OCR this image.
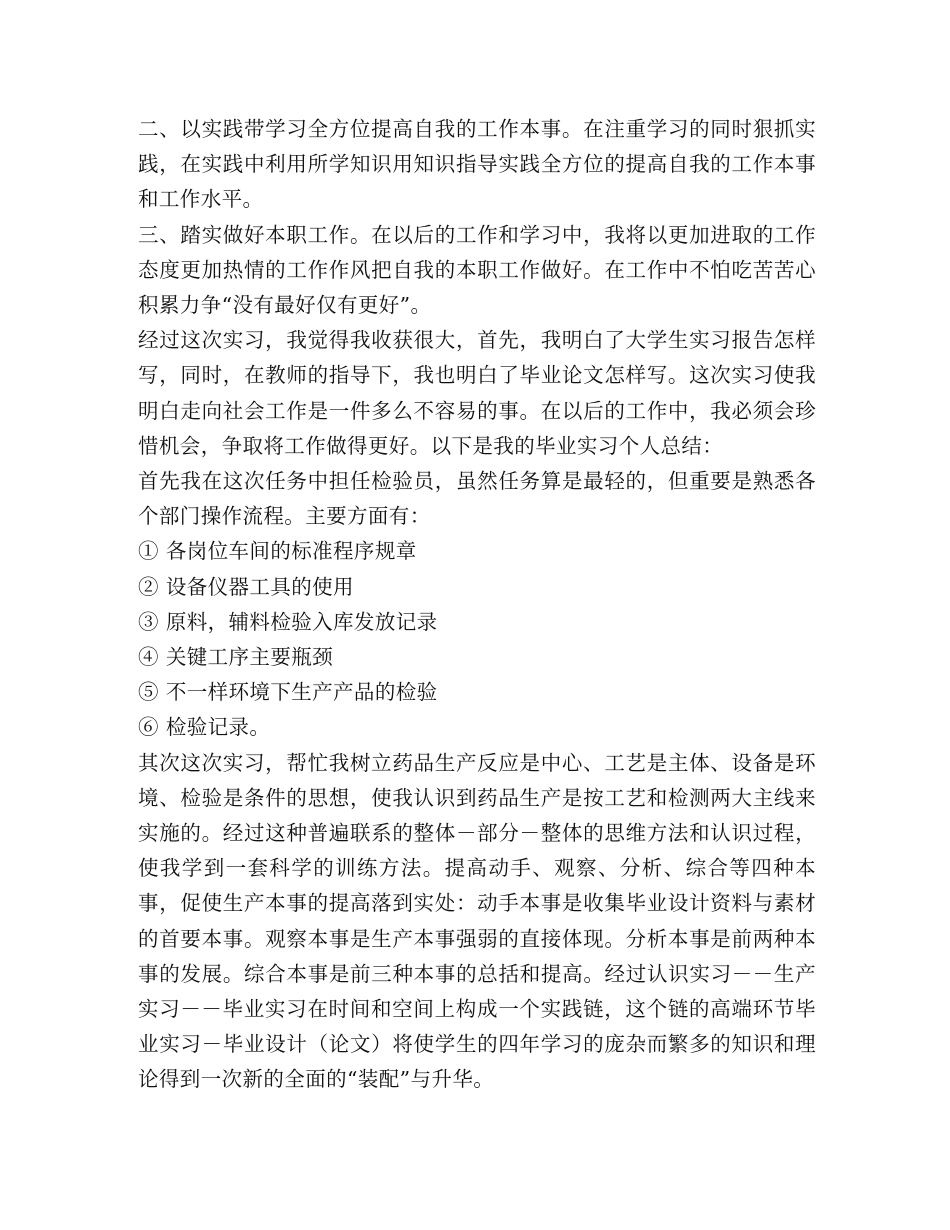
二、以实践带学习全方位提高自我的工作本事。在注重学习的同时狠抓实践，在实践中利用所学知识用知识指导实践全方位的提高自我的工作本事和工作水平。

三、踏实做好本职工作。在以后的工作和学习中，我将以更加进取的工作态度更加热情的工作作风把自我的本职工作做好。在工作中不怕吃苦苦心积累力争“没有最好仅有更好”。

经过这次实习，我觉得我收获很大，首先，我明白了大学生实习报告怎样写，同时，在教师的指导下，我也明白了毕业论文怎样写。这次实习使我明白走向社会工作是一件多么不容易的事。在以后的工作中，我必须会珍惜机会，争取将工作做得更好。以下是我的毕业实习个人总结：

首先我在这次任务中担任检验员，虽然任务算是最轻的，但重要是熟悉各个部门操作流程。主要方面有：

① 各岗位车间的标准程序规章

② 设备仪器工具的使用

③ 原料，辅料检验入库发放记录

④ 关键工序主要瓶颈

⑤ 不一样环境下生产产品的检验

⑥ 检验记录。

其次这次实习，帮忙我树立药品生产反应是中心、工艺是主体、设备是环境、检验是条件的思想，使我认识到药品生产是按工艺和检测两大主线来实施的。经过这种普遍联系的整体－部分－整体的思维方法和认识过程，使我学到一套科学的训练方法。提高动手、观察、分析、综合等四种本事，促使生产本事的提高落到实处：动手本事是收集毕业设计资料与素材的首要本事。观察本事是生产本事强弱的直接体现。分析本事是前两种本事的发展。综合本事是前三种本事的总括和提高。经过认识实习－－生产实习－－毕业实习在时间和空间上构成一个实践链，这个链的高端环节毕业实习－毕业设计（论文）将使学生的四年学习的庞杂而繁多的知识和理论得到一次新的全面的“装配”与升华。
